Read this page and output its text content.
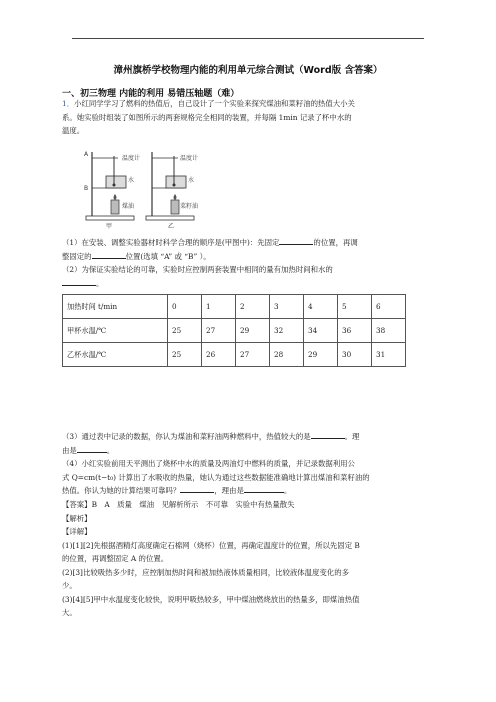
漳州旗桥学校物理内能的利用单元综合测试（Word版 含答案）
一、初三物理 内能的利用 易错压轴题（难）
1．小红同学学习了燃料的热值后，自己设计了一个实验来探究煤油和菜籽油的热值大小关
系。她实验时组装了如图所示的两套规格完全相同的装置，并每隔 1min 记录了杯中水的
温度。
A
B
温度计
水
煤油
甲
温度计
水
菜籽油
乙
（1）在安装、调整实验器材时科学合理的顺序是(甲图中)：先固定	的位置，再调
整固定的	位置(选填 “A” 或 “B” ）。
（2）为保证实验结论的可靠，实验时应控制两套装置中相同的量有加热时间和水的
。
加热时间 t/min	0	1	2	3	4	5	6
甲杯水温/℃	25	27	29	32	34	36	38
乙杯水温/℃	25	26	27	28	29	30	31
（3）通过表中记录的数据，你认为煤油和菜籽油两种燃料中，热值较大的是	。理
由是	。
（4）小红实验前用天平测出了烧杯中水的质量及两油灯中燃料的质量，并记录数据利用公
式 Q=cm(t−t₀) 计算出了水吸收的热量，她认为通过这些数据能准确地计算出煤油和菜籽油的
热值。你认为她的计算结果可靠吗？	，理由是	。
【答案】B　A　质量　煤油　见解析所示　不可靠　实验中有热量散失
【解析】
【详解】
(1)[1][2]先根据酒精灯高度确定石棉网（烧杯）位置，再确定温度计的位置，所以先固定 B
的位置，再调整固定 A 的位置。
(2)[3]比较吸热多少时，应控制加热时间和被加热液体质量相同，比较液体温度变化的多
少。
(3)[4][5]甲中水温度变化较快，说明甲吸热较多，甲中煤油燃烧放出的热量多，即煤油热值
大。
